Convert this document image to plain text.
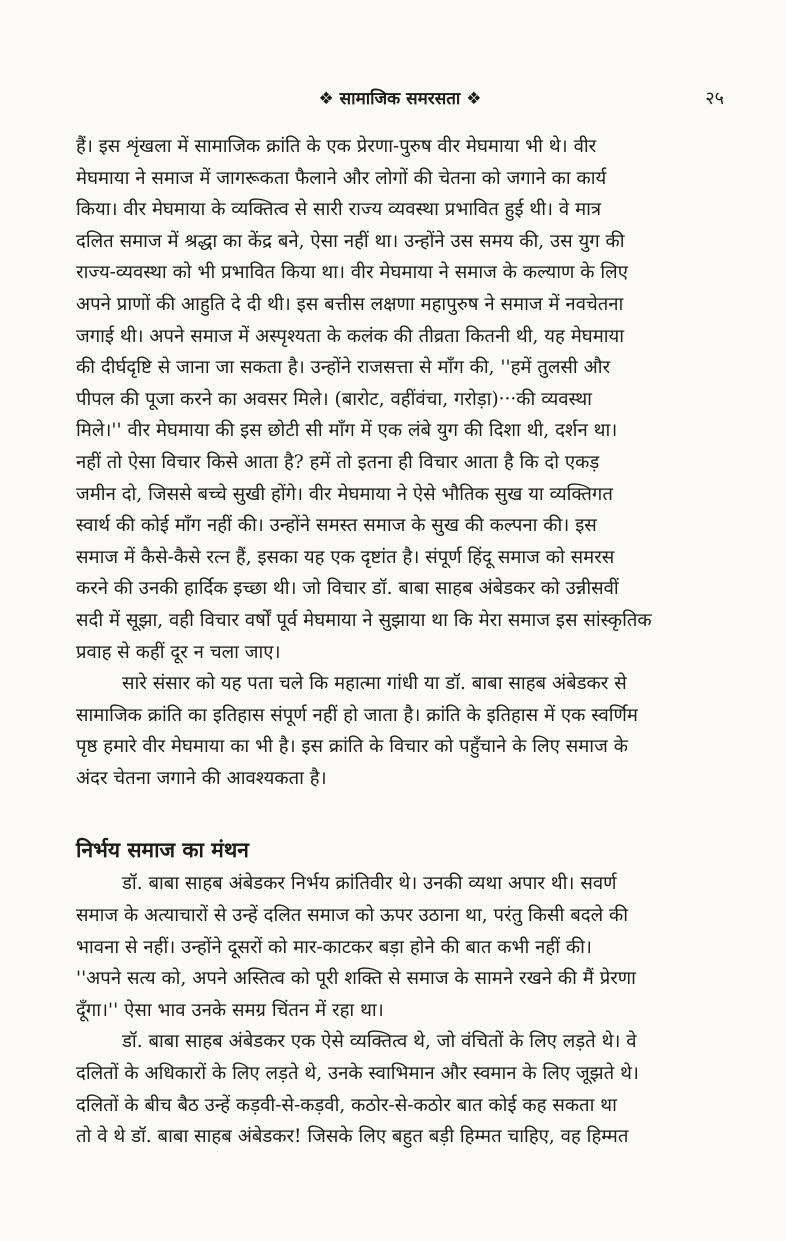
❖ सामाजिक समरसता ❖	२५
हैं। इस शृंखला में सामाजिक क्रांति के एक प्रेरणा-पुरुष वीर मेघमाया भी थे। वीर
मेघमाया ने समाज में जागरूकता फैलाने और लोगों की चेतना को जगाने का कार्य
किया। वीर मेघमाया के व्यक्तित्व से सारी राज्य व्यवस्था प्रभावित हुई थी। वे मात्र
दलित समाज में श्रद्धा का केंद्र बने, ऐसा नहीं था। उन्होंने उस समय की, उस युग की
राज्य-व्यवस्था को भी प्रभावित किया था। वीर मेघमाया ने समाज के कल्याण के लिए
अपने प्राणों की आहुति दे दी थी। इस बत्तीस लक्षणा महापुरुष ने समाज में नवचेतना
जगाई थी। अपने समाज में अस्पृश्यता के कलंक की तीव्रता कितनी थी, यह मेघमाया
की दीर्घदृष्टि से जाना जा सकता है। उन्होंने राजसत्ता से माँग की, ''हमें तुलसी और
पीपल की पूजा करने का अवसर मिले। (बारोट, वहींवंचा, गरोड़ा)···की व्यवस्था
मिले।'' वीर मेघमाया की इस छोटी सी माँग में एक लंबे युग की दिशा थी, दर्शन था।
नहीं तो ऐसा विचार किसे आता है? हमें तो इतना ही विचार आता है कि दो एकड़
जमीन दो, जिससे बच्चे सुखी होंगे। वीर मेघमाया ने ऐसे भौतिक सुख या व्यक्तिगत
स्वार्थ की कोई माँग नहीं की। उन्होंने समस्त समाज के सुख की कल्पना की। इस
समाज में कैसे-कैसे रत्न हैं, इसका यह एक दृष्टांत है। संपूर्ण हिंदू समाज को समरस
करने की उनकी हार्दिक इच्छा थी। जो विचार डॉ. बाबा साहब अंबेडकर को उन्नीसवीं
सदी में सूझा, वही विचार वर्षों पूर्व मेघमाया ने सुझाया था कि मेरा समाज इस सांस्कृतिक
प्रवाह से कहीं दूर न चला जाए।
सारे संसार को यह पता चले कि महात्मा गांधी या डॉ. बाबा साहब अंबेडकर से
सामाजिक क्रांति का इतिहास संपूर्ण नहीं हो जाता है। क्रांति के इतिहास में एक स्वर्णिम
पृष्ठ हमारे वीर मेघमाया का भी है। इस क्रांति के विचार को पहुँचाने के लिए समाज के
अंदर चेतना जगाने की आवश्यकता है।
निर्भय समाज का मंथन
डॉ. बाबा साहब अंबेडकर निर्भय क्रांतिवीर थे। उनकी व्यथा अपार थी। सवर्ण
समाज के अत्याचारों से उन्हें दलित समाज को ऊपर उठाना था, परंतु किसी बदले की
भावना से नहीं। उन्होंने दूसरों को मार-काटकर बड़ा होने की बात कभी नहीं की।
''अपने सत्य को, अपने अस्तित्व को पूरी शक्ति से समाज के सामने रखने की मैं प्रेरणा
दूँगा।'' ऐसा भाव उनके समग्र चिंतन में रहा था।
डॉ. बाबा साहब अंबेडकर एक ऐसे व्यक्तित्व थे, जो वंचितों के लिए लड़ते थे। वे
दलितों के अधिकारों के लिए लड़ते थे, उनके स्वाभिमान और स्वमान के लिए जूझते थे।
दलितों के बीच बैठ उन्हें कड़वी-से-कड़वी, कठोर-से-कठोर बात कोई कह सकता था
तो वे थे डॉ. बाबा साहब अंबेडकर! जिसके लिए बहुत बड़ी हिम्मत चाहिए, वह हिम्मत
